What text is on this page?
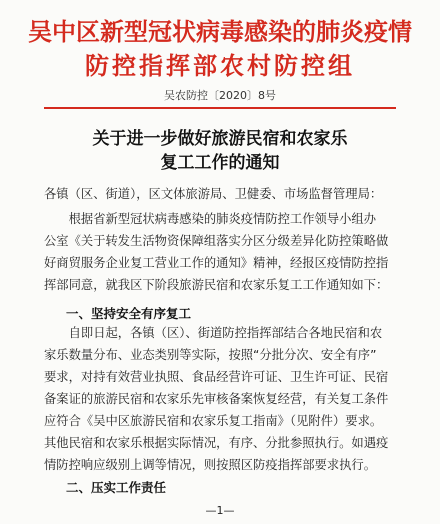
吴中区新型冠状病毒感染的肺炎疫情
防控指挥部农村防控组
吴农防控〔2020〕8号
关于进一步做好旅游民宿和农家乐
复工工作的通知
各镇（区、街道），区文体旅游局、卫健委、市场监督管理局：
　　根据省新型冠状病毒感染的肺炎疫情防控工作领导小组办
公室《关于转发生活物资保障组落实分区分级差异化防控策略做
好商贸服务企业复工营业工作的通知》精神，经报区疫情防控指
挥部同意，就我区下阶段旅游民宿和农家乐复工工作通知如下：
一、坚持安全有序复工
　　自即日起，各镇（区）、街道防控指挥部结合各地民宿和农
家乐数量分布、业态类别等实际，按照“分批分次、安全有序”
要求，对持有效营业执照、食品经营许可证、卫生许可证、民宿
备案证的旅游民宿和农家乐先审核备案恢复经营，有关复工条件
应符合《吴中区旅游民宿和农家乐复工指南》（见附件）要求。
其他民宿和农家乐根据实际情况，有序、分批参照执行。如遇疫
情防控响应级别上调等情况，则按照区防疫指挥部要求执行。
二、压实工作责任
—1—
